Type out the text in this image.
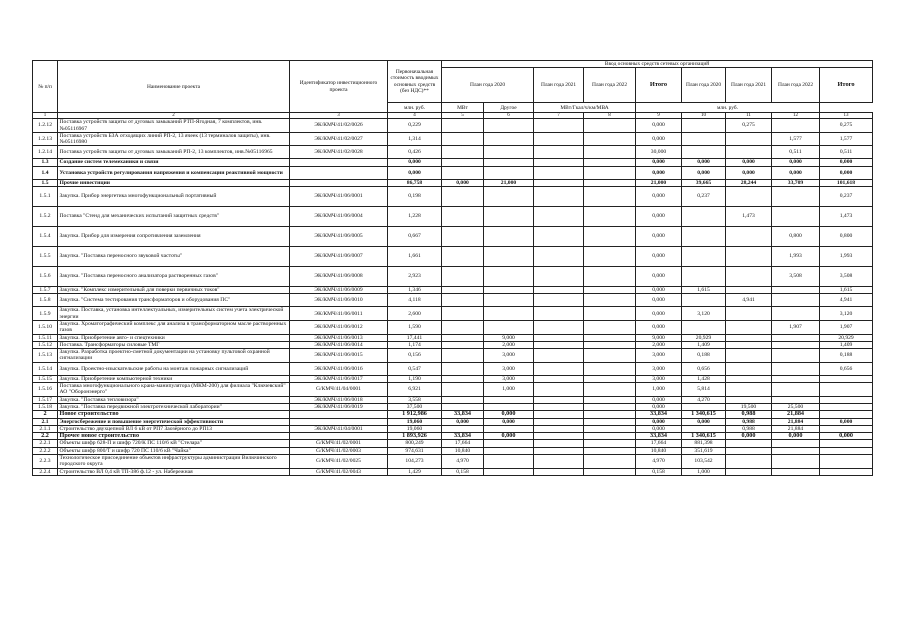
№ п/п	Наименование проекта	Идентификатор инвестиционного проекта	Первоначальная стоимость вводимых основных средств (без НДС)**	Ввод основных средств сетевых организаций								
				План года 2020		План года 2021	План года 2022	Итого	План года 2020	План года 2021	План года 2022	Итого
			млн. руб.	МВт	Другое	МВт/Гкал/ч/км/МВА		млн. руб.				
1	2	3	4	5	6	7	8	9	10	11	12	13
1.2.12	Поставка устройств защиты от дуговых замыканий РТП-Ягодная, 7 комплектов, инв.№05116967	ЭК/КМЧ/41/02/0026	0,229					0,000		0,275		0,275
1.2.13	Поставка устройств БЗА отходящих линий РП-2, 13 ячеек (13 терминалов защиты), инв.№05116980	ЭК/КМЧ/41/02/0027	1,314					0,000			1,577	1,577
1.2.14	Поставка устройств защиты от дуговых замыканий РП-2, 13 комплектов, инв.№05116965	ЭК/КМЧ/41/02/0028	0,426					30,000			0,511	0,511
1.3	Создание систем телемеханики и связи		0,000					0,000	0,000	0,000	0,000	0,000
1.4	Установка устройств регулирования напряжения и компенсации реактивной мощности		0,000					0,000	0,000	0,000	0,000	0,000
1.5	Прочие инвестиции		86,758	0,000	21,000			21,000	39,665	28,244	33,709	101,618
1.5.1	Закупка. Прибор энергетика многофункциональный портативный	ЭК/КМЧ/41/06/0001	0,198					0,000	0,237			0,237
1.5.2	Поставка "Стенд для механических испытаний защитных средств"	ЭК/КМЧ/41/06/0004	1,228					0,000		1,473		1,473
1.5.4	Закупка. Прибор для измерения сопротивления заземления	ЭК/КМЧ/41/06/0005	0,667					0,000			0,800	0,800
1.5.5	Закупка. "Поставка переносного звуковой частоты"	ЭК/КМЧ/41/06/0007	1,661					0,000			1,993	1,993
1.5.6	Закупка. "Поставка переносного анализатора растворенных газов"	ЭК/КМЧ/41/06/0008	2,923					0,000			3,508	3,508
1.5.7	Закупка. "Комплекс измерительный для поверки первичных токов"	ЭК/КМЧ/41/06/0009	1,346					0,000	1,615			1,615
1.5.8	Закупка. "Система тестирования трансформаторов и оборудования ПС"	ЭК/КМЧ/41/06/0010	4,118					0,000		4,941		4,941
1.5.9	Закупка. Поставка, установка интеллектуальных, измерительных систем учета электрической энергии	ЭК/КМЧ/41/06/0011	2,600					0,000	3,120			3,120
1.5.10	Закупка. Хроматографический комплекс для анализа в трансформаторном масле растворенных газов	ЭК/КМЧ/41/06/0012	1,590					0,000			1,907	1,907
1.5.11	Закупка. Приобретение авто- и спецтехники	ЭК/КМЧ/41/06/0013	17,441		9,000			9,000	20,929			20,929
1.5.12	Поставка. Трансформаторы силовые ТМГ	ЭК/КМЧ/41/06/0014	1,174		2,000			2,000	1,409			1,409
1.5.13	Закупка. Разработка проектно-сметной документации на установку пультовой охранной сигнализации	ЭК/КМЧ/41/06/0015	0,156		3,000			3,000	0,188			0,188
1.5.14	Закупка. Проектно-изыскательские работы на монтаж пожарных сигнализаций	ЭК/КМЧ/41/06/0016	0,547		3,000			3,000	0,656			0,656
1.5.15	Закупка. Приобретение компьютерной техники	ЭК/КМЧ/41/06/0017	1,190		3,000			3,000	1,428			
1.5.16	Поставка многофункционального крана-манипулятора (МКМ-200) для филиала "Ключевский" АО "Оборонэнерго"	G/КМЧ/41/04/0001	6,921		1,000			1,000	5,814			
1.5.17	Закупка. "Поставка тепловизора"	ЭК/КМЧ/41/06/0018	3,558					0,000	4,270			
1.5.18	Закупка. "Поставка передвижной электротехнической лаборатории"	ЭК/КМЧ/41/06/0019	37,500					0,000		19,500	25,500	
2	Новое строительство		1 912,986	33,834	0,000			33,834	1 340,615	0,988	21,884	
2.1	Энергосбережение и повышение энергетической эффективности		19,060	0,000	0,000			0,000	0,000	0,988	21,884	0,000
2.1.1	Строительство двухцепной ВЛ 6 кВ от РП7 Заозёрного до РП13	ЭК/КМЧ/41/04/0001	19,060					0,000		0,988	21,884	
2.2	Прочее новое строительство		1 893,926	33,834	0,000			33,834	1 340,615	0,000	0,000	0,000
2.2.1	Объекты шифр 628-П и шифр 720/К ПС 110/6 кВ "Стелара"	G/КМЧ/41/02/0001	800,249	17,664				17,664	881,398			
2.2.2	Объекты шифр 800/Т и шифр 720 ПС 110/6 кВ "Чайка"	G/КМЧ/41/02/0003	974,631	10,840				10,840	351,619			
2.2.3	Технологическое присоединение объектов инфраструктуры администрации Вилючинского городского округа	G/КМЧ/41/02/0025	104,273	4,970				4,970	103,542			
2.2.4	Строительство ВЛ 0,4 кВ ТП-386 ф.12 - ул. Набережная	G/КМЧ/41/02/0043	1,429	0,158				0,158	1,000			
